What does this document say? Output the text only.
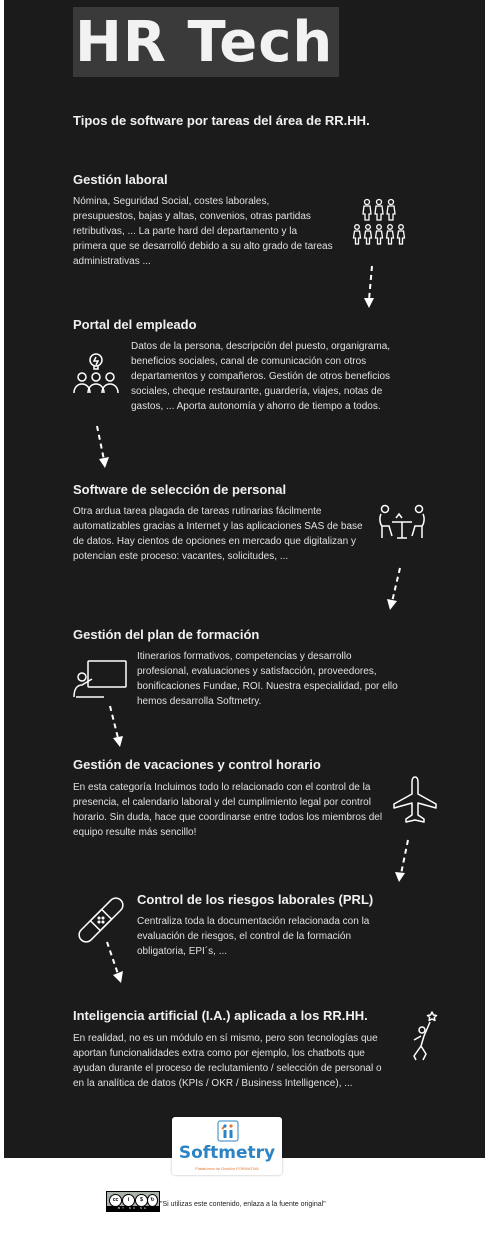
HR Tech
Tipos de software por tareas del área de RR.HH.
Gestión laboral
Nómina, Seguridad Social, costes laborales, presupuestos, bajas y altas, convenios, otras partidas retributivas, ... La parte hard del departamento y la primera que se desarrolló debido a su alto grado de tareas administrativas ...
Portal del empleado
Datos de la persona, descripción del puesto, organigrama, beneficios sociales, canal de comunicación con otros departamentos y compañeros. Gestión de otros beneficios sociales, cheque restaurante, guardería, viajes, notas de gastos, ... Aporta autonomía y ahorro de tiempo a todos.
Software de selección de personal
Otra ardua tarea plagada de tareas rutinarias fácilmente automatizables gracias a Internet y las aplicaciones SAS de base de datos. Hay cientos de opciones en mercado que digitalizan y potencian este proceso: vacantes, solicitudes, ...
Gestión del plan de formación
Itinerarios formativos, competencias y desarrollo profesional, evaluaciones y satisfacción, proveedores, bonificaciones Fundae, ROI. Nuestra especialidad, por ello hemos desarrolla Softmetry.
Gestión de vacaciones y control horario
En esta categoría Incluimos todo lo relacionado con el control de la presencia, el calendario laboral y del cumplimiento legal por control horario. Sin duda, hace que coordinarse entre todos los miembros del equipo resulte más sencillo!
Control de los riesgos laborales (PRL)
Centraliza toda la documentación relacionada con la evaluación de riesgos, el control de la formación obligatoria, EPI´s, ...
Inteligencia artificial (I.A.) aplicada a los RR.HH.
En realidad, no es un módulo en sí mismo, pero son tecnologías que aportan funcionalidades extra como por ejemplo, los chatbots que ayudan durante el proceso de reclutamiento / selección de personal o en la analítica de datos (KPIs / OKR / Business Intelligence), ...
Softmetry
Plataforma de Gestión FORMATIVA
cc	i	$	↻
BY NC SA	"Si utilizas este contenido, enlaza a la fuente original"
